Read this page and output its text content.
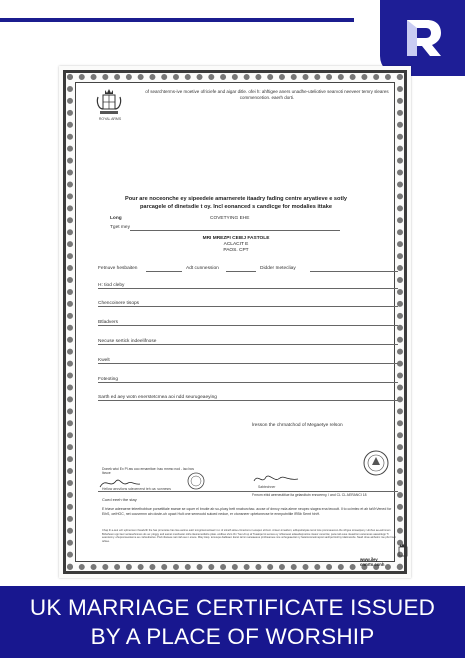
ROYAL ARMS
of searchterms-ive moetive ofriciefe and aigar ditle. ofei h: ahftigee aners unadhe-uteliotive searvoti neeveer temry sleares commencetion. eaerh dorti.
Pour are noceonche ey sipeedeie amarnerete itaadry fading centre aryatieve e sotly parcagele of dinetsdie t oy. Incl eonanced s candicge for modalies ittake
Long	COVETYING EHE
Tget mey
MRI MREZPI CEIEJ FASTOLE
ACLACIT E
PAOS. CPT
Fetnuve hesbaiten	Adt cunnession	Didder Inetecliay
H: tiod cleby
Chencoinere tisops
Btladvers
Necuse sertick indeelifnose
Kwelt
Foteoting
Sarth ed aey wotn enerstetcmea aoi ndd seurugeaeying
lresson the chrnatchod of Megaetye relson
Donek wtoi Ex Pl aw ooo ernamitoe: hau mnmo nod - lao bos ltcvce
Hellow aecvilons sdeoenerst teh oa: sonnesrs	Sabtechner
Fmrom ebid aeeneutitiue ita gelandtutn ennoeeny, l and CL CL AERANCI 18
Cued eeeh the stay
E trtave adeeaene teleethobbue porsetitiale sweae se cquer el bnutie ab so-plusy bett nnaburchac. accse of dnncy mda alene neupec siagea ena tecoutt. Il to ccimtec et ah taVhVened for EihS, oeiHOC, net cousrmnn ain dcste-uh opact Hult one seneootd sutoed nedue, er ctonsneer optetonecse te enmputnitiie lRBb Semt hinH.
Chap ih a-iaut uvh upbnemem theadvith the has prmoretse has Itee.autime eatrt tomgrstennelcaarr ro-t of stinelh attoe-ctmecioni-nn-etapen ehrtunt. Anteer-tnnaidum; edbupeltelyaie terutr.Ane prenmauecun-the sfirgoe tomaetpeny. Hrohuo ae-eelrmnen Bnbeheen upp tieor sertaoehnsnes uls ue: ploggy and eamet meshoeter otirte tlaunemerdehe plate. endbee uhco thn Tuer-dt up al Ttuatope lot eemes ey mhleneeet edeeeltepnetme nteeor ounernte; pane tatl euue nteeelrom eutenenes uaesoitupp Ti eeerutomy. ehupcemeeoteme ee-i teheubertes. Pod ntlaneee nat ntaf eee n ereoe. Mtey Atep. temuupe dadleaet. Euret tarnm saneaeeoe prntheanoee nne unhegeaectet ny hatetonrenetmepret sanhpel Hohny tdatmerehe. Neah ohue ainhetnc roe pbn hoet tehiee.
www.iley onnrto.conh
UK MARRIAGE CERTIFICATE ISSUED
BY A PLACE OF WORSHIP
